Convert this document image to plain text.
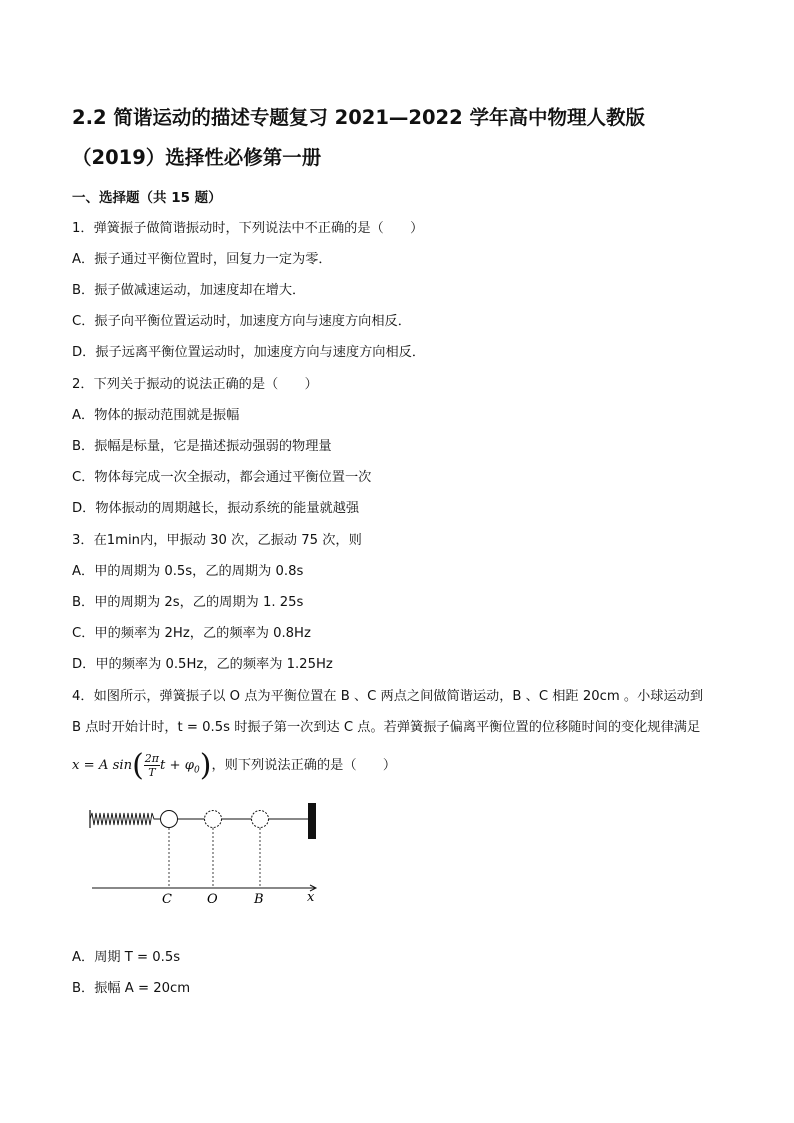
2.2 简谐运动的描述专题复习 2021—2022 学年高中物理人教版
（2019）选择性必修第一册
一、选择题（共 15 题）
1．弹簧振子做简谐振动时，下列说法中不正确的是（　　）
A．振子通过平衡位置时，回复力一定为零．
B．振子做减速运动，加速度却在增大．
C．振子向平衡位置运动时，加速度方向与速度方向相反．
D．振子远离平衡位置运动时，加速度方向与速度方向相反．
2．下列关于振动的说法正确的是（　　）
A．物体的振动范围就是振幅
B．振幅是标量，它是描述振动强弱的物理量
C．物体每完成一次全振动，都会通过平衡位置一次
D．物体振动的周期越长，振动系统的能量就越强
3．在1min内，甲振动 30 次，乙振动 75 次，则
A．甲的周期为 0.5s，乙的周期为 0.8s
B．甲的周期为 2s，乙的周期为 1. 25s
C．甲的频率为 2Hz，乙的频率为 0.8Hz
D．甲的频率为 0.5Hz，乙的频率为 1.25Hz
4．如图所示，弹簧振子以 O 点为平衡位置在 B 、C 两点之间做简谐运动，B 、C 相距 20cm 。小球运动到
B 点时开始计时，t = 0.5s 时振子第一次到达 C 点。若弹簧振子偏离平衡位置的位移随时间的变化规律满足
x = A $\sin( \frac{2\pi}{T}$ $t + \varphi_0$)，则下列说法正确的是（　　）
C	O	B	x
A．周期 T = 0.5s
B．振幅 A = 20cm
